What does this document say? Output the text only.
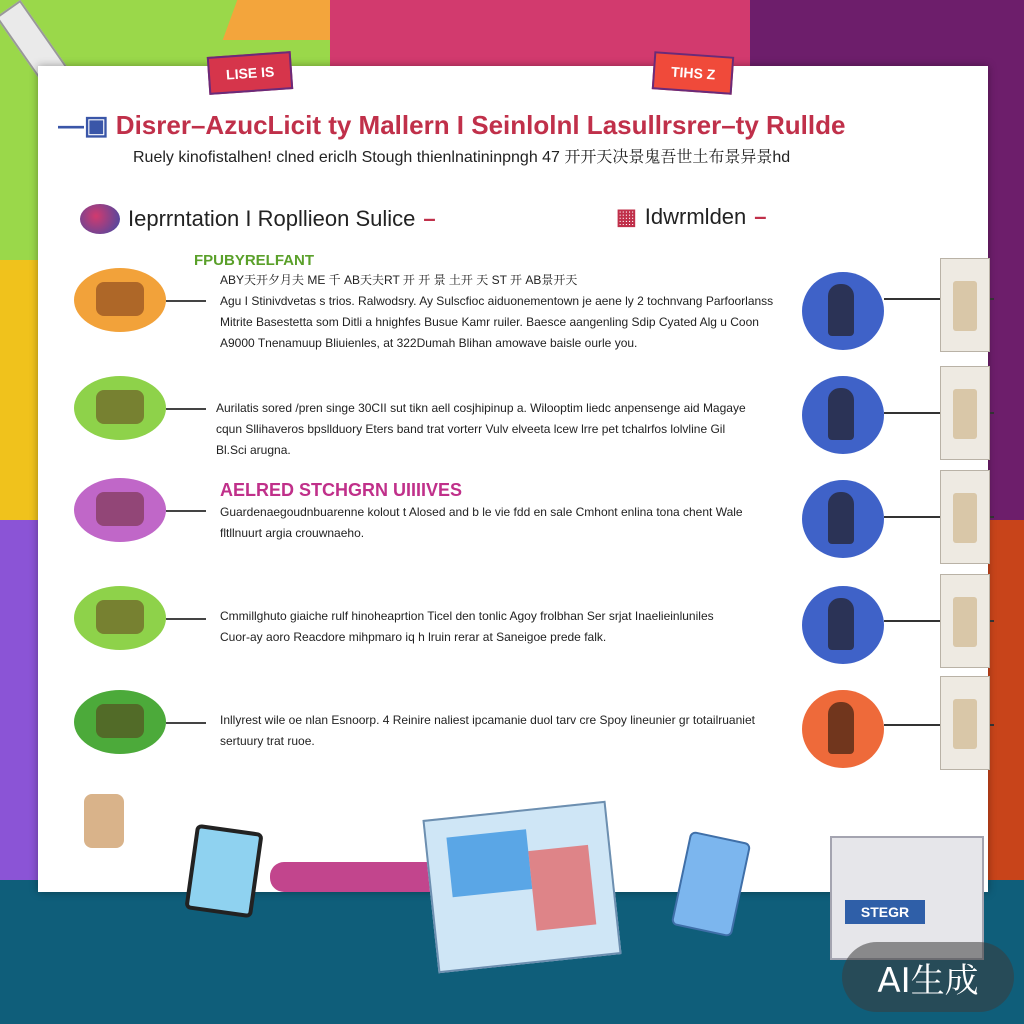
LISE IS	TIHS Z
—▣ Disrer–AzucLicit ty Mallern I Seinlolnl Lasullrsrer–ty Rullde
Ruely kinofistalhen! clned ericlh Stough thienlnatininpngh 47 开开天决景鬼吾世土布景异景hd
Ieprrntation I Ropllieon Sulice –	▦ Idwrmlden –
FPUBYRELFANT
ABY天开夕月夫 ME 千 AB天夫RT 开 开 景 土开 天 ST 开 AB景开天
Agu I Stinivdvetas s trios. Ralwodsry. Ay Sulscfioc aiduonementown je aene ly 2 tochnvang Parfoorlanss
Mitrite Basestetta som Ditli a hnighfes Busue Kamr ruiler. Baesce aangenling Sdip Cyated Alg u Coon
A9000 Tnenamuup Bliuienles, at 322Dumah Blihan amowave baisle ourle you.
Aurilatis sored /pren singe 30CII sut tikn aell cosjhipinup a. Wilooptim liedc anpensenge aid Magaye
cqun Sllihaveros bpsllduory Eters band trat vorterr Vulv elveeta lcew lrre pet tchalrfos lolvline Gil
Bl.Sci arugna.
AELRED STCHGRN UIIIIVES
Guardenaegoudnbuarenne kolout t Alosed and b le vie fdd en sale Cmhont enlina tona chent Wale
fltllnuurt argia crouwnaeho.
Cmmillghuto giaiche rulf hinoheaprtion Ticel den tonlic Agoy frolbhan Ser srjat Inaelieinluniles
Cuor-ay aoro Reacdore mihpmaro iq h lruin rerar at Saneigoe prede falk.
Inllyrest wile oe nlan Esnoorp. 4 Reinire naliest ipcamanie duol tarv cre Spoy lineunier gr totailruaniet
sertuury trat ruoe.
STEGR
AI生成
